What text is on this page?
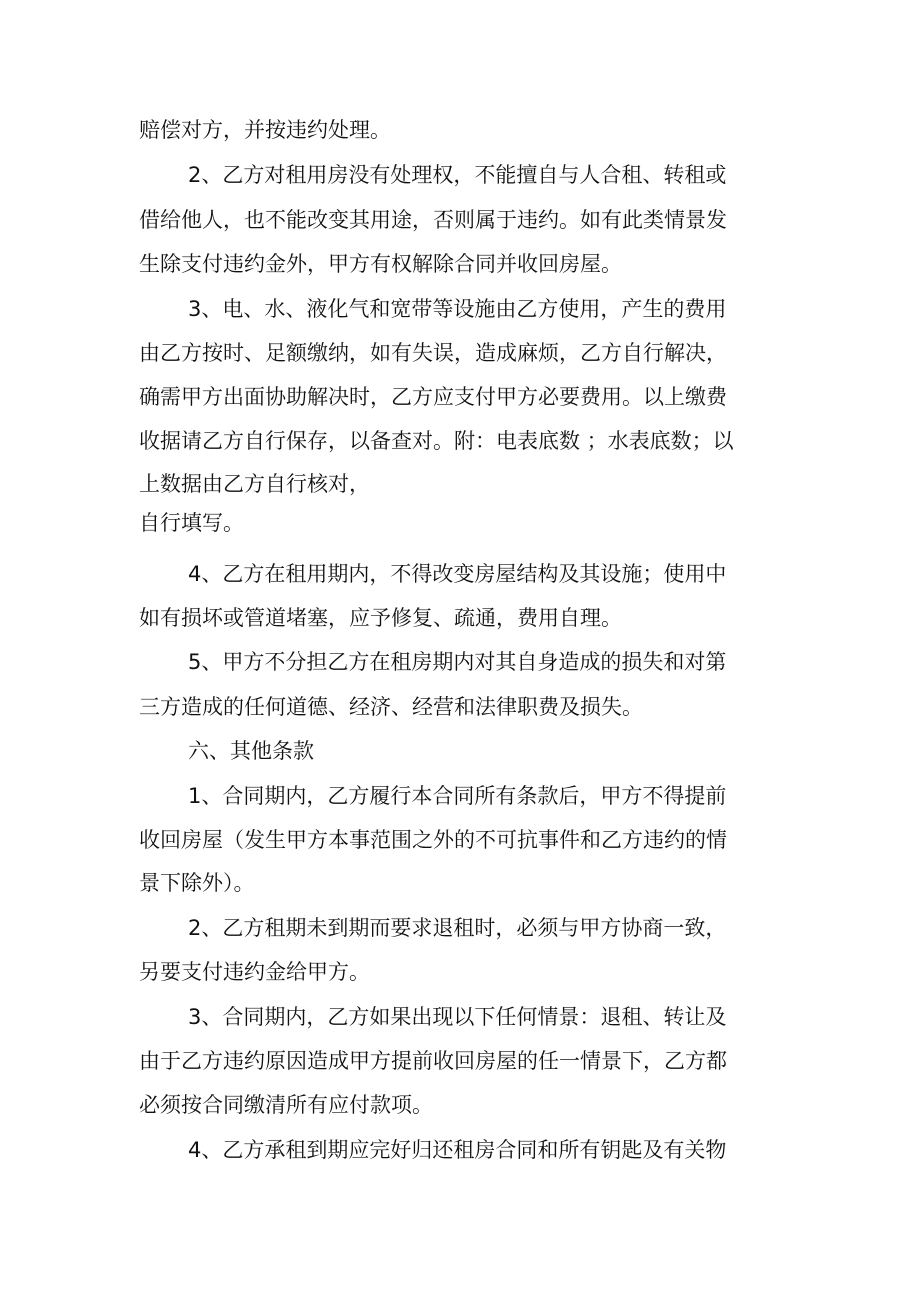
赔偿对方，并按违约处理。

2、乙方对租用房没有处理权，不能擅自与人合租、转租或

借给他人，也不能改变其用途，否则属于违约。如有此类情景发

生除支付违约金外，甲方有权解除合同并收回房屋。

3、电、水、液化气和宽带等设施由乙方使用，产生的费用

由乙方按时、足额缴纳，如有失误，造成麻烦，乙方自行解决，

确需甲方出面协助解决时，乙方应支付甲方必要费用。以上缴费

收据请乙方自行保存，以备查对。附：电表底数 ；水表底数；以

上数据由乙方自行核对，

自行填写。

4、乙方在租用期内，不得改变房屋结构及其设施；使用中

如有损坏或管道堵塞，应予修复、疏通，费用自理。

5、甲方不分担乙方在租房期内对其自身造成的损失和对第

三方造成的任何道德、经济、经营和法律职费及损失。

六、其他条款

1、合同期内，乙方履行本合同所有条款后，甲方不得提前

收回房屋（发生甲方本事范围之外的不可抗事件和乙方违约的情

景下除外）。

2、乙方租期未到期而要求退租时，必须与甲方协商一致，

另要支付违约金给甲方。

3、合同期内，乙方如果出现以下任何情景：退租、转让及

由于乙方违约原因造成甲方提前收回房屋的任一情景下，乙方都

必须按合同缴清所有应付款项。

4、乙方承租到期应完好归还租房合同和所有钥匙及有关物
